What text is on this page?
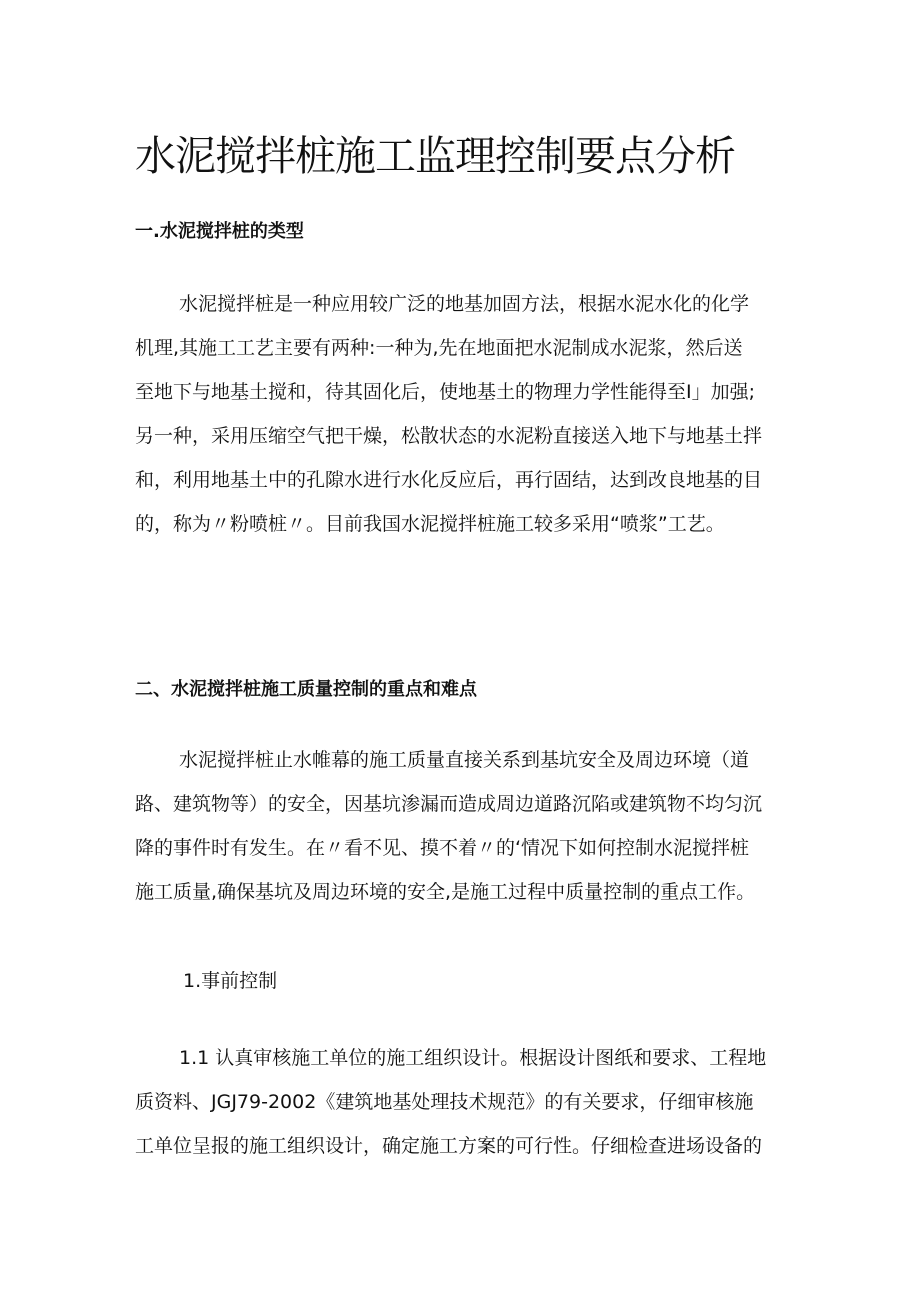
水泥搅拌桩施工监理控制要点分析
一.水泥搅拌桩的类型
水泥搅拌桩是一种应用较广泛的地基加固方法，根据水泥水化的化学
机理,其施工工艺主要有两种:一种为,先在地面把水泥制成水泥浆，然后送
至地下与地基土搅和，待其固化后，使地基土的物理力学性能得至I」加强;
另一种，采用压缩空气把干燥，松散状态的水泥粉直接送入地下与地基土拌
和，利用地基土中的孔隙水进行水化反应后，再行固结，达到改良地基的目
的，称为〃粉喷桩〃。目前我国水泥搅拌桩施工较多采用“喷浆”工艺。
二、水泥搅拌桩施工质量控制的重点和难点
水泥搅拌桩止水帷幕的施工质量直接关系到基坑安全及周边环境（道
路、建筑物等）的安全，因基坑渗漏而造成周边道路沉陷或建筑物不均匀沉
降的事件时有发生。在〃看不见、摸不着〃的‘情况下如何控制水泥搅拌桩
施工质量,确保基坑及周边环境的安全,是施工过程中质量控制的重点工作。
1.事前控制
1.1 认真审核施工单位的施工组织设计。根据设计图纸和要求、工程地
质资料、JGJ79-2002《建筑地基处理技术规范》的有关要求，仔细审核施
工单位呈报的施工组织设计，确定施工方案的可行性。仔细检查进场设备的
